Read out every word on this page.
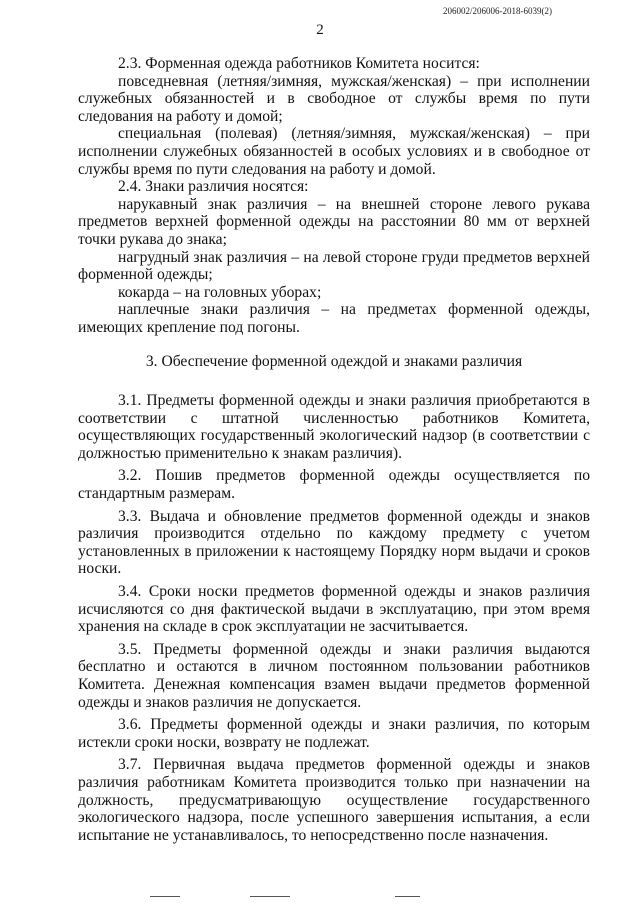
206002/206006-2018-6039(2)
2

2.3. Форменная одежда работников Комитета носится:

повседневная (летняя/зимняя, мужская/женская) – при исполнении служебных обязанностей и в свободное от службы время по пути следования на работу и домой;

специальная (полевая) (летняя/зимняя, мужская/женская) – при исполнении служебных обязанностей в особых условиях и в свободное от службы время по пути следования на работу и домой.

2.4. Знаки различия носятся:

нарукавный знак различия – на внешней стороне левого рукава предметов верхней форменной одежды на расстоянии 80 мм от верхней точки рукава до знака;

нагрудный знак различия – на левой стороне груди предметов верхней форменной одежды;

кокарда – на головных уборах;

наплечные знаки различия – на предметах форменной одежды, имеющих крепление под погоны.

3. Обеспечение форменной одеждой и знаками различия

3.1. Предметы форменной одежды и знаки различия приобретаются в соответствии с штатной численностью работников Комитета, осуществляющих государственный экологический надзор (в соответствии с должностью применительно к знакам различия).

3.2. Пошив предметов форменной одежды осуществляется по стандартным размерам.

3.3. Выдача и обновление предметов форменной одежды и знаков различия производится отдельно по каждому предмету с учетом установленных в приложении к настоящему Порядку норм выдачи и сроков носки.

3.4. Сроки носки предметов форменной одежды и знаков различия исчисляются со дня фактической выдачи в эксплуатацию, при этом время хранения на складе в срок эксплуатации не засчитывается.

3.5. Предметы форменной одежды и знаки различия выдаются бесплатно и остаются в личном постоянном пользовании работников Комитета. Денежная компенсация взамен выдачи предметов форменной одежды и знаков различия не допускается.

3.6. Предметы форменной одежды и знаки различия, по которым истекли сроки носки, возврату не подлежат.

3.7. Первичная выдача предметов форменной одежды и знаков различия работникам Комитета производится только при назначении на должность, предусматривающую осуществление государственного экологического надзора, после успешного завершения испытания, а если испытание не устанавливалось, то непосредственно после назначения.
